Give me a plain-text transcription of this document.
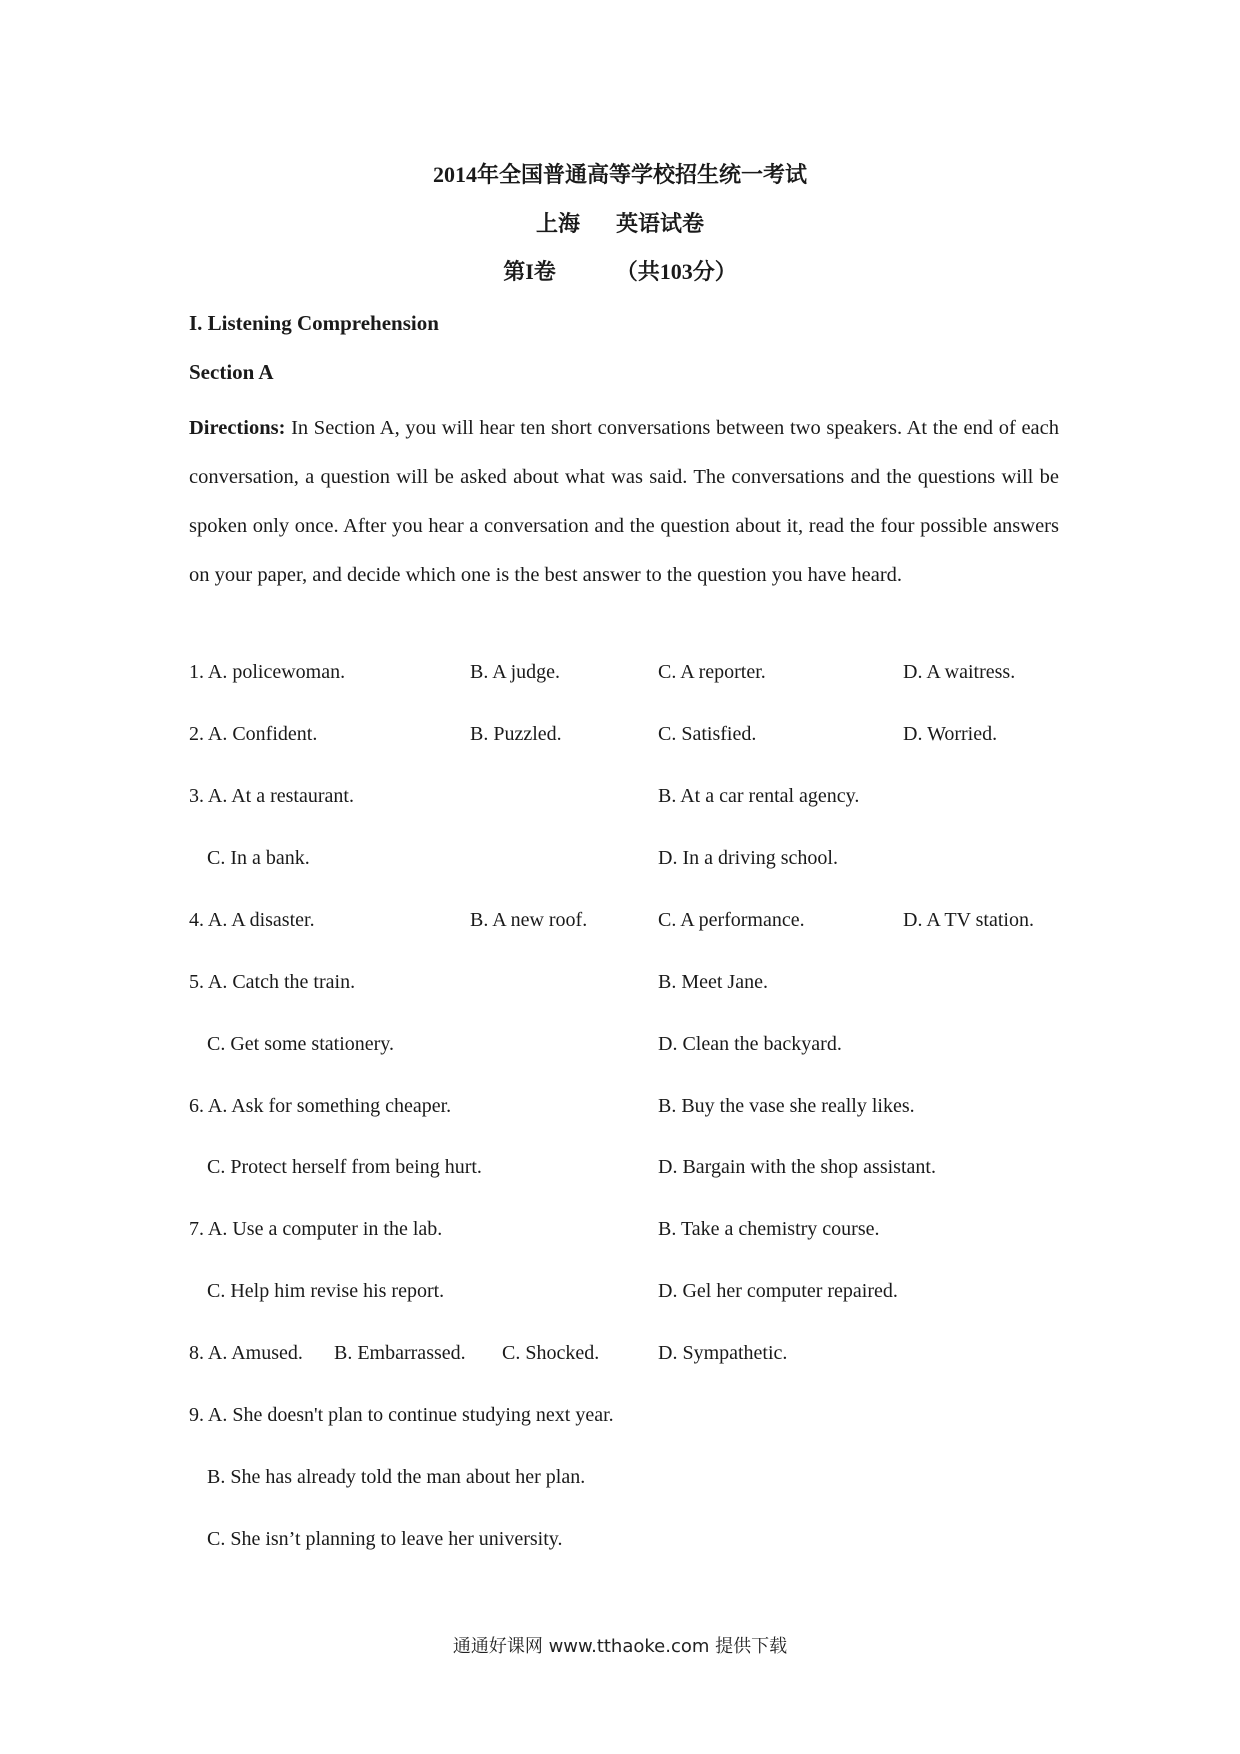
2014年全国普通高等学校招生统一考试
上海 英语试卷
第I卷	（共103分）
I. Listening Comprehension
Section A
Directions: In Section A, you will hear ten short conversations between two speakers. At the end of each conversation, a question will be asked about what was said. The conversations and the questions will be spoken only once. After you hear a conversation and the question about it, read the four possible answers on your paper, and decide which one is the best answer to the question you have heard.
1. A. policewoman.	B. A judge.	C. A reporter.	D. A waitress.
2. A. Confident.	B. Puzzled.	C. Satisfied.	D. Worried.
3. A. At a restaurant.	B. At a car rental agency.
C. In a bank.	D. In a driving school.
4. A. A disaster.	B. A new roof.	C. A performance.	D. A TV station.
5. A. Catch the train.	B. Meet Jane.
C. Get some stationery.	D. Clean the backyard.
6. A. Ask for something cheaper.	B. Buy the vase she really likes.
C. Protect herself from being hurt.	D. Bargain with the shop assistant.
7. A. Use a computer in the lab.	B. Take a chemistry course.
C. Help him revise his report.	D. Gel her computer repaired.
8. A. Amused. B. Embarrassed. C. Shocked.	D. Sympathetic.
9. A. She doesn't plan to continue studying next year.
B. She has already told the man about her plan.
C. She isn’t planning to leave her university.
通通好课网 www.tthaoke.com 提供下载
